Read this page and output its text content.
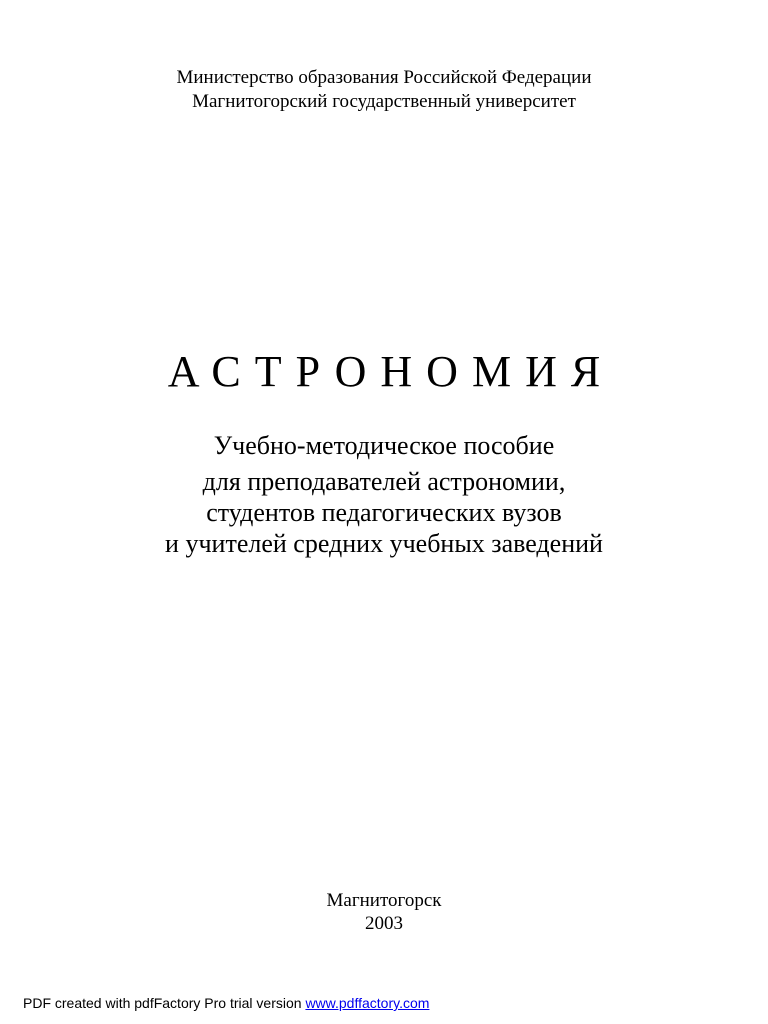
Министерство образования Российской Федерации
Магнитогорский государственный университет
АСТРОНОМИЯ
Учебно-методическое пособие
для преподавателей астрономии,
студентов педагогических вузов
и учителей средних учебных заведений
Магнитогорск
2003
PDF created with pdfFactory Pro trial version www.pdffactory.com
